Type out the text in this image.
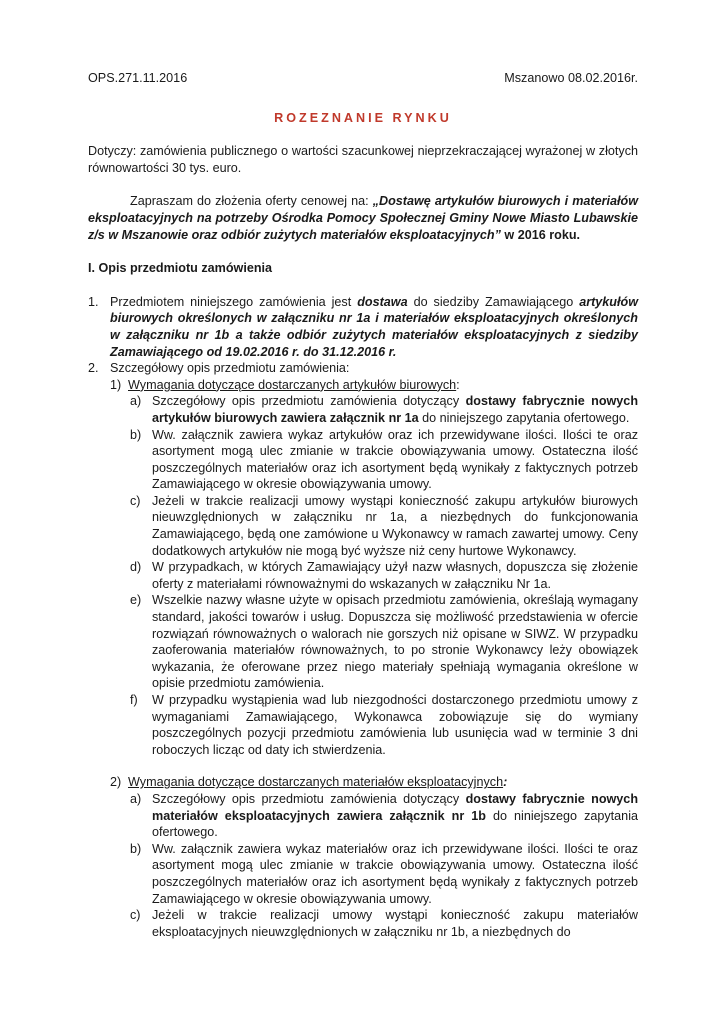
OPS.271.11.2016	Mszanowo 08.02.2016r.
ROZEZNANIE RYNKU
Dotyczy: zamówienia publicznego o wartości szacunkowej nieprzekraczającej wyrażonej w złotych równowartości 30 tys. euro.
Zapraszam do złożenia oferty cenowej na: „Dostawę artykułów biurowych i materiałów eksploatacyjnych na potrzeby Ośrodka Pomocy Społecznej Gminy Nowe Miasto Lubawskie z/s w Mszanowie oraz odbiór zużytych materiałów eksploatacyjnych” w 2016 roku.
I. Opis przedmiotu zamówienia
1. Przedmiotem niniejszego zamówienia jest dostawa do siedziby Zamawiającego artykułów biurowych określonych w załączniku nr 1a i materiałów eksploatacyjnych określonych w załączniku nr 1b a także odbiór zużytych materiałów eksploatacyjnych z siedziby Zamawiającego od 19.02.2016 r. do 31.12.2016 r.
2. Szczegółowy opis przedmiotu zamówienia:
1) Wymagania dotyczące dostarczanych artykułów biurowych:
a) Szczegółowy opis przedmiotu zamówienia dotyczący dostawy fabrycznie nowych artykułów biurowych zawiera załącznik nr 1a do niniejszego zapytania ofertowego.
b) Ww. załącznik zawiera wykaz artykułów oraz ich przewidywane ilości. Ilości te oraz asortyment mogą ulec zmianie w trakcie obowiązywania umowy. Ostateczna ilość poszczególnych materiałów oraz ich asortyment będą wynikały z faktycznych potrzeb Zamawiającego w okresie obowiązywania umowy.
c) Jeżeli w trakcie realizacji umowy wystąpi konieczność zakupu artykułów biurowych nieuwzględnionych w załączniku nr 1a, a niezbędnych do funkcjonowania Zamawiającego, będą one zamówione u Wykonawcy w ramach zawartej umowy. Ceny dodatkowych artykułów nie mogą być wyższe niż ceny hurtowe Wykonawcy.
d) W przypadkach, w których Zamawiający użył nazw własnych, dopuszcza się złożenie oferty z materiałami równoważnymi do wskazanych w załączniku Nr 1a.
e) Wszelkie nazwy własne użyte w opisach przedmiotu zamówienia, określają wymagany standard, jakości towarów i usług. Dopuszcza się możliwość przedstawienia w ofercie rozwiązań równoważnych o walorach nie gorszych niż opisane w SIWZ. W przypadku zaoferowania materiałów równoważnych, to po stronie Wykonawcy leży obowiązek wykazania, że oferowane przez niego materiały spełniają wymagania określone w opisie przedmiotu zamówienia.
f) W przypadku wystąpienia wad lub niezgodności dostarczonego przedmiotu umowy z wymaganiami Zamawiającego, Wykonawca zobowiązuje się do wymiany poszczególnych pozycji przedmiotu zamówienia lub usunięcia wad w terminie 3 dni roboczych licząc od daty ich stwierdzenia.
2) Wymagania dotyczące dostarczanych materiałów eksploatacyjnych:
a) Szczegółowy opis przedmiotu zamówienia dotyczący dostawy fabrycznie nowych materiałów eksploatacyjnych zawiera załącznik nr 1b do niniejszego zapytania ofertowego.
b) Ww. załącznik zawiera wykaz materiałów oraz ich przewidywane ilości. Ilości te oraz asortyment mogą ulec zmianie w trakcie obowiązywania umowy. Ostateczna ilość poszczególnych materiałów oraz ich asortyment będą wynikały z faktycznych potrzeb Zamawiającego w okresie obowiązywania umowy.
c) Jeżeli w trakcie realizacji umowy wystąpi konieczność zakupu materiałów eksploatacyjnych nieuwzględnionych w załączniku nr 1b, a niezbędnych do
